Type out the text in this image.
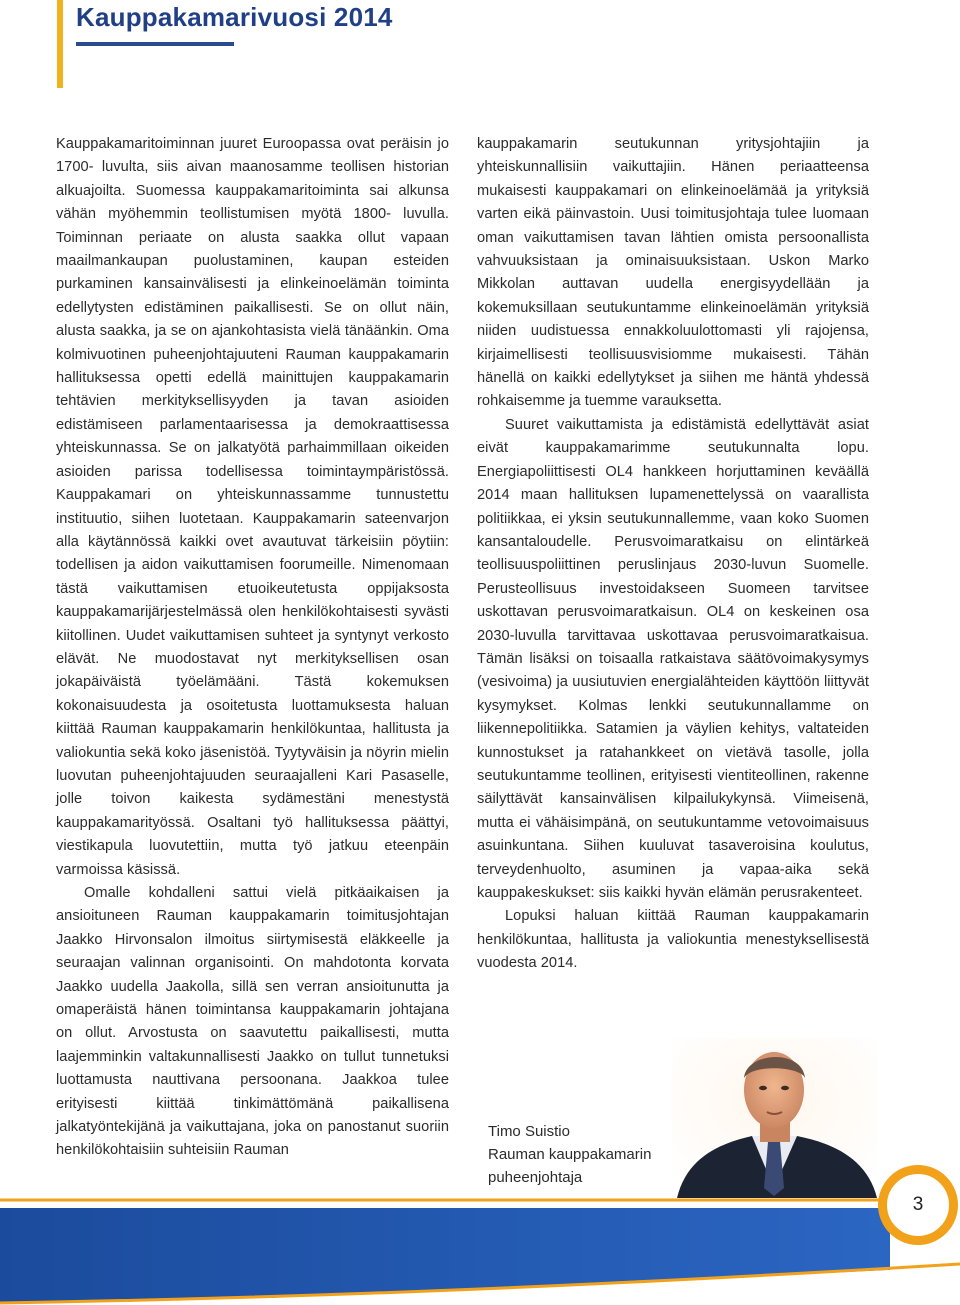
Kauppakamarivuosi 2014

Kauppakamaritoiminnan juuret Euroopassa ovat peräisin jo 1700- luvulta, siis aivan maanosamme teollisen historian alkuajoilta. Suomessa kauppakamaritoiminta sai alkunsa vähän myöhemmin teollistumisen myötä 1800- luvulla. Toiminnan periaate on alusta saakka ollut vapaan maailmankaupan puolustaminen, kaupan esteiden purkaminen kansainvälisesti ja elinkeinoelämän toiminta edellytysten edistäminen paikallisesti. Se on ollut näin, alusta saakka, ja se on ajankohtasista vielä tänäänkin. Oma kolmivuotinen puheenjohtajuuteni Rauman kauppakamarin hallituksessa opetti edellä mainittujen kauppakamarin tehtävien merkityksellisyyden ja tavan asioiden edistämiseen parlamentaarisessa ja demokraattisessa yhteiskunnassa. Se on jalkatyötä parhaimmillaan oikeiden asioiden parissa todellisessa toimintaympäristössä. Kauppakamari on yhteiskunnassamme tunnustettu instituutio, siihen luotetaan. Kauppakamarin sateenvarjon alla käytännössä kaikki ovet avautuvat tärkeisiin pöytiin: todellisen ja aidon vaikuttamisen foorumeille. Nimenomaan tästä vaikuttamisen etuoikeutetusta oppijaksosta kauppakamarijärjestelmässä olen henkilökohtaisesti syvästi kiitollinen. Uudet vaikuttamisen suhteet ja syntynyt verkosto elävät. Ne muodostavat nyt merkityksellisen osan jokapäiväistä työelämääni. Tästä kokemuksen kokonaisuudesta ja osoitetusta luottamuksesta haluan kiittää Rauman kauppakamarin henkilökuntaa, hallitusta ja valiokuntia sekä koko jäsenistöä. Tyytyväisin ja nöyrin mielin luovutan puheenjohtajuuden seuraajalleni Kari Pasaselle, jolle toivon kaikesta sydämestäni menestystä kauppakamarityössä. Osaltani työ hallituksessa päättyi, viestikapula luovutettiin, mutta työ jatkuu eteenpäin varmoissa käsissä.

Omalle kohdalleni sattui vielä pitkäaikaisen ja ansioituneen Rauman kauppakamarin toimitusjohtajan Jaakko Hirvonsalon ilmoitus siirtymisestä eläkkeelle ja seuraajan valinnan organisointi. On mahdotonta korvata Jaakko uudella Jaakolla, sillä sen verran ansioitunutta ja omaperäistä hänen toimintansa kauppakamarin johtajana on ollut. Arvostusta on saavutettu paikallisesti, mutta laajemminkin valtakunnallisesti Jaakko on tullut tunnetuksi luottamusta nauttivana persoonana. Jaakkoa tulee erityisesti kiittää tinkimättömänä paikallisena jalkatyöntekijänä ja vaikuttajana, joka on panostanut suoriin henkilökohtaisiin suhteisiin Rauman

kauppakamarin seutukunnan yritysjohtajiin ja yhteiskunnallisiin vaikuttajiin. Hänen periaatteensa mukaisesti kauppakamari on elinkeinoelämää ja yrityksiä varten eikä päinvastoin. Uusi toimitusjohtaja tulee luomaan oman vaikuttamisen tavan lähtien omista persoonallista vahvuuksistaan ja ominaisuuksistaan. Uskon Marko Mikkolan auttavan uudella energisyydellään ja kokemuksillaan seutukuntamme elinkeinoelämän yrityksiä niiden uudistuessa ennakkoluulottomasti yli rajojensa, kirjaimellisesti teollisuusvisiomme mukaisesti. Tähän hänellä on kaikki edellytykset ja siihen me häntä yhdessä rohkaisemme ja tuemme varauksetta.

Suuret vaikuttamista ja edistämistä edellyttävät asiat eivät kauppakamarimme seutukunnalta lopu. Energiapoliittisesti OL4 hankkeen horjuttaminen keväällä 2014 maan hallituksen lupamenettelyssä on vaarallista politiikkaa, ei yksin seutukunnallemme, vaan koko Suomen kansantaloudelle. Perusvoimaratkaisu on elintärkeä teollisuuspoliittinen peruslinjaus 2030-luvun Suomelle. Perusteollisuus investoidakseen Suomeen tarvitsee uskottavan perusvoimaratkaisun. OL4 on keskeinen osa 2030-luvulla tarvittavaa uskottavaa perusvoimaratkaisua. Tämän lisäksi on toisaalla ratkaistava säätövoimakysymys (vesivoima) ja uusiutuvien energialähteiden käyttöön liittyvät kysymykset. Kolmas lenkki seutukunnallamme on liikennepolitiikka. Satamien ja väylien kehitys, valtateiden kunnostukset ja ratahankkeet on vietävä tasolle, jolla seutukuntamme teollinen, erityisesti vientiteollinen, rakenne säilyttävät kansainvälisen kilpailukykynsä. Viimeisenä, mutta ei vähäisimpänä, on seutukuntamme vetovoimaisuus asuinkuntana. Siihen kuuluvat tasaveroisina koulutus, terveydenhuolto, asuminen ja vapaa-aika sekä kauppakeskukset: siis kaikki hyvän elämän perusrakenteet.

Lopuksi haluan kiittää Rauman kauppakamarin henkilökuntaa, hallitusta ja valiokuntia menestyksellisestä vuodesta 2014.

Timo Suistio
Rauman kauppakamarin
puheenjohtaja
3
